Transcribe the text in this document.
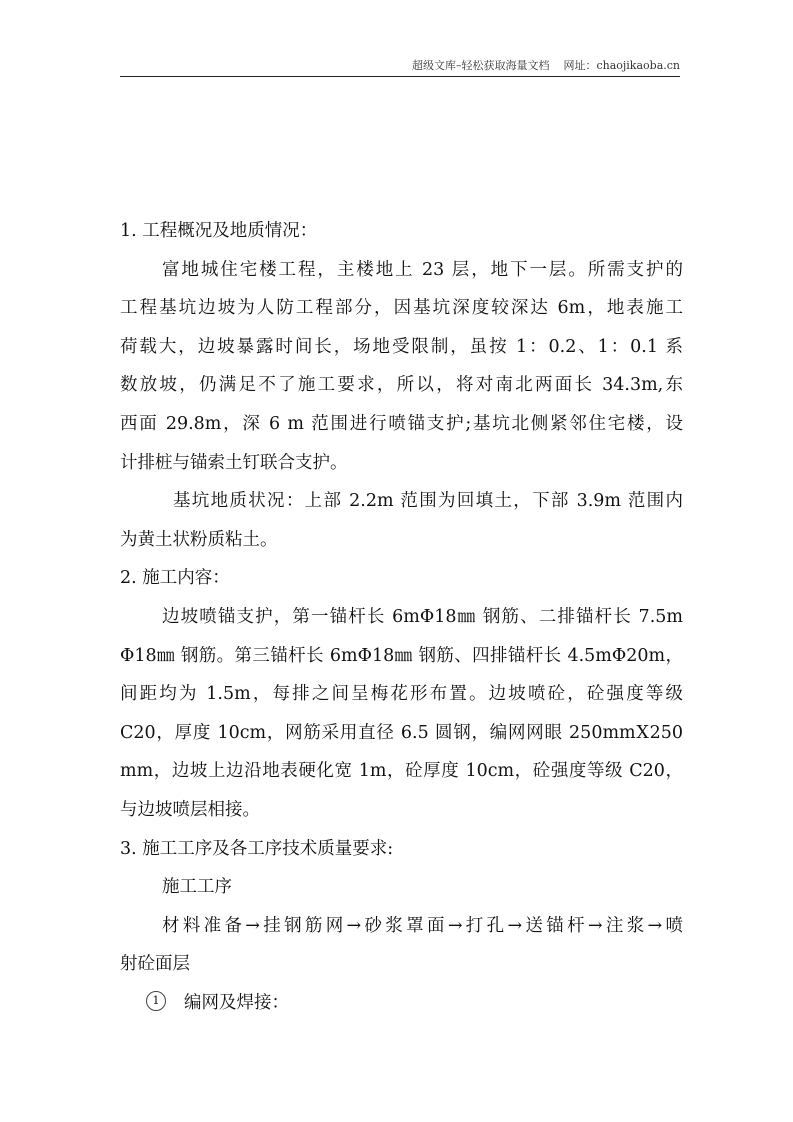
超级文库–轻松获取海量文档 网址：chaojikaoba.cn
1. 工程概况及地质情况：
富地城住宅楼工程，主楼地上 23 层，地下一层。所需支护的
工程基坑边坡为人防工程部分，因基坑深度较深达 6m，地表施工
荷载大，边坡暴露时间长，场地受限制，虽按 1：0.2、1：0.1 系
数放坡，仍满足不了施工要求，所以，将对南北两面长 34.3m,东
西面 29.8m，深 6 m 范围进行喷锚支护;基坑北侧紧邻住宅楼，设
计排桩与锚索土钉联合支护。
基坑地质状况：上部 2.2m 范围为回填土，下部 3.9m 范围内
为黄土状粉质粘土。
2. 施工内容：
边坡喷锚支护，第一锚杆长 6mΦ18㎜ 钢筋、二排锚杆长 7.5m
Φ18㎜ 钢筋。第三锚杆长 6mΦ18㎜ 钢筋、四排锚杆长 4.5mΦ20m，
间距均为 1.5m，每排之间呈梅花形布置。边坡喷砼，砼强度等级
C20，厚度 10cm，网筋采用直径 6.5 圆钢，编网网眼 250mmⅩ250
mm，边坡上边沿地表硬化宽 1m，砼厚度 10cm，砼强度等级 C20，
与边坡喷层相接。
3. 施工工序及各工序技术质量要求:
施工工序
材料准备→挂钢筋网→砂浆罩面→打孔→送锚杆→注浆→喷
射砼面层
1 编网及焊接：
